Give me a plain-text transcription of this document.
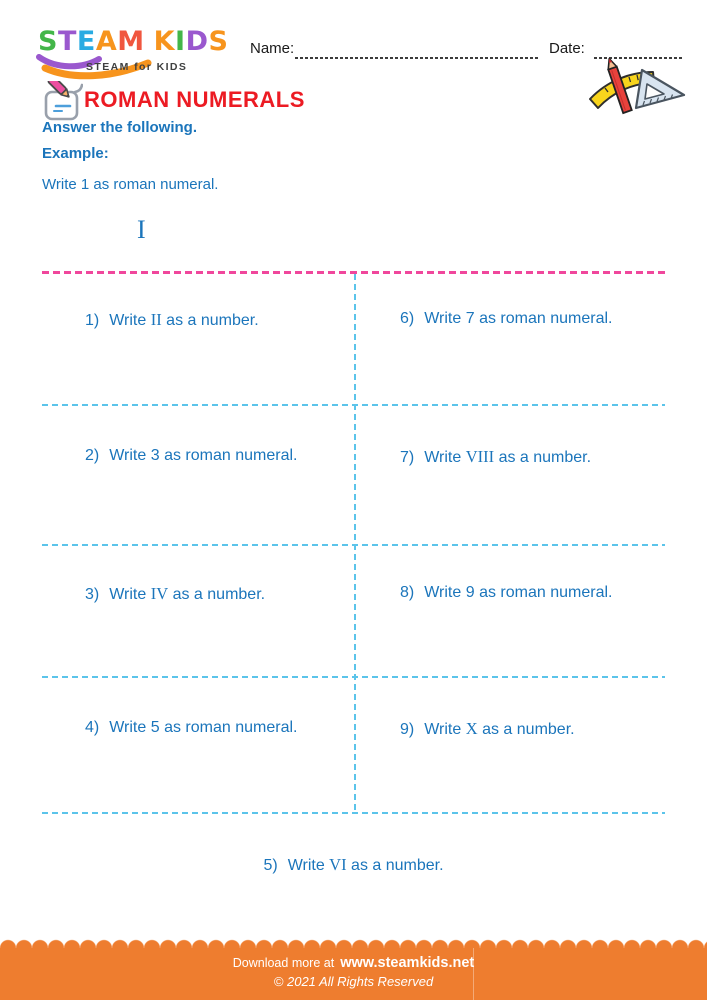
STEAM KIDS
STEAM for KIDS
Name:	Date:
ROMAN NUMERALS
Answer the following.
Example:
Write 1 as roman numeral.
I
1) Write II as a number.	6) Write 7 as roman numeral.
2) Write 3 as roman numeral.	7) Write VIII as a number.
3) Write IV as a number.	8) Write 9 as roman numeral.
4) Write 5 as roman numeral.	9) Write X as a number.
5) Write VI as a number.
Download more at www.steamkids.net
© 2021 All Rights Reserved
